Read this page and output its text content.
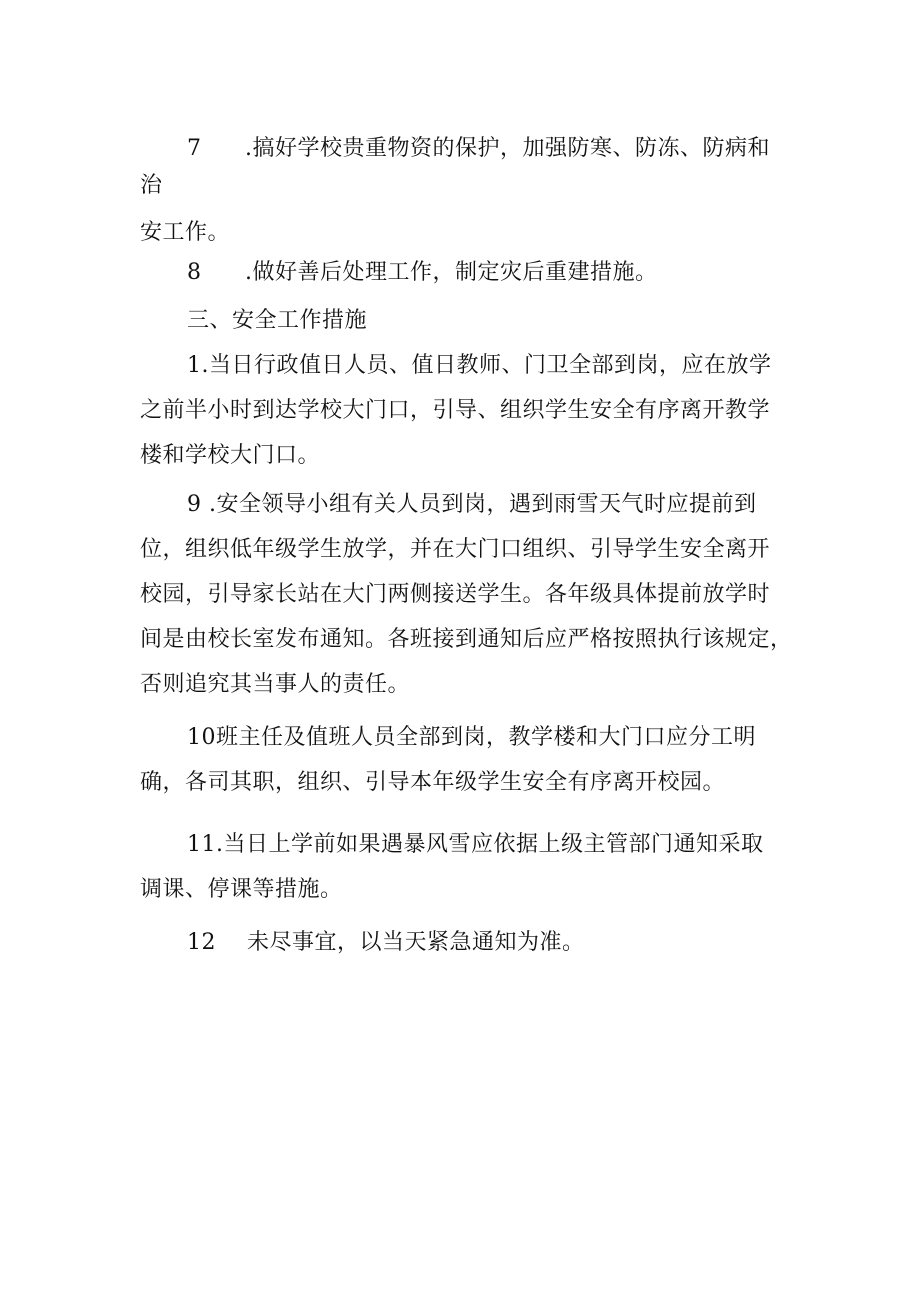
7 .搞好学校贵重物资的保护，加强防寒、防冻、防病和
治
安工作。
8 .做好善后处理工作，制定灾后重建措施。
三、安全工作措施
1.当日行政值日人员、值日教师、门卫全部到岗，应在放学
之前半小时到达学校大门口，引导、组织学生安全有序离开教学
楼和学校大门口。
9 .安全领导小组有关人员到岗，遇到雨雪天气时应提前到
位，组织低年级学生放学，并在大门口组织、引导学生安全离开
校园，引导家长站在大门两侧接送学生。各年级具体提前放学时
间是由校长室发布通知。各班接到通知后应严格按照执行该规定，
否则追究其当事人的责任。
10班主任及值班人员全部到岗，教学楼和大门口应分工明
确，各司其职，组织、引导本年级学生安全有序离开校园。
11.当日上学前如果遇暴风雪应依据上级主管部门通知采取
调课、停课等措施。
12 未尽事宜，以当天紧急通知为准。
